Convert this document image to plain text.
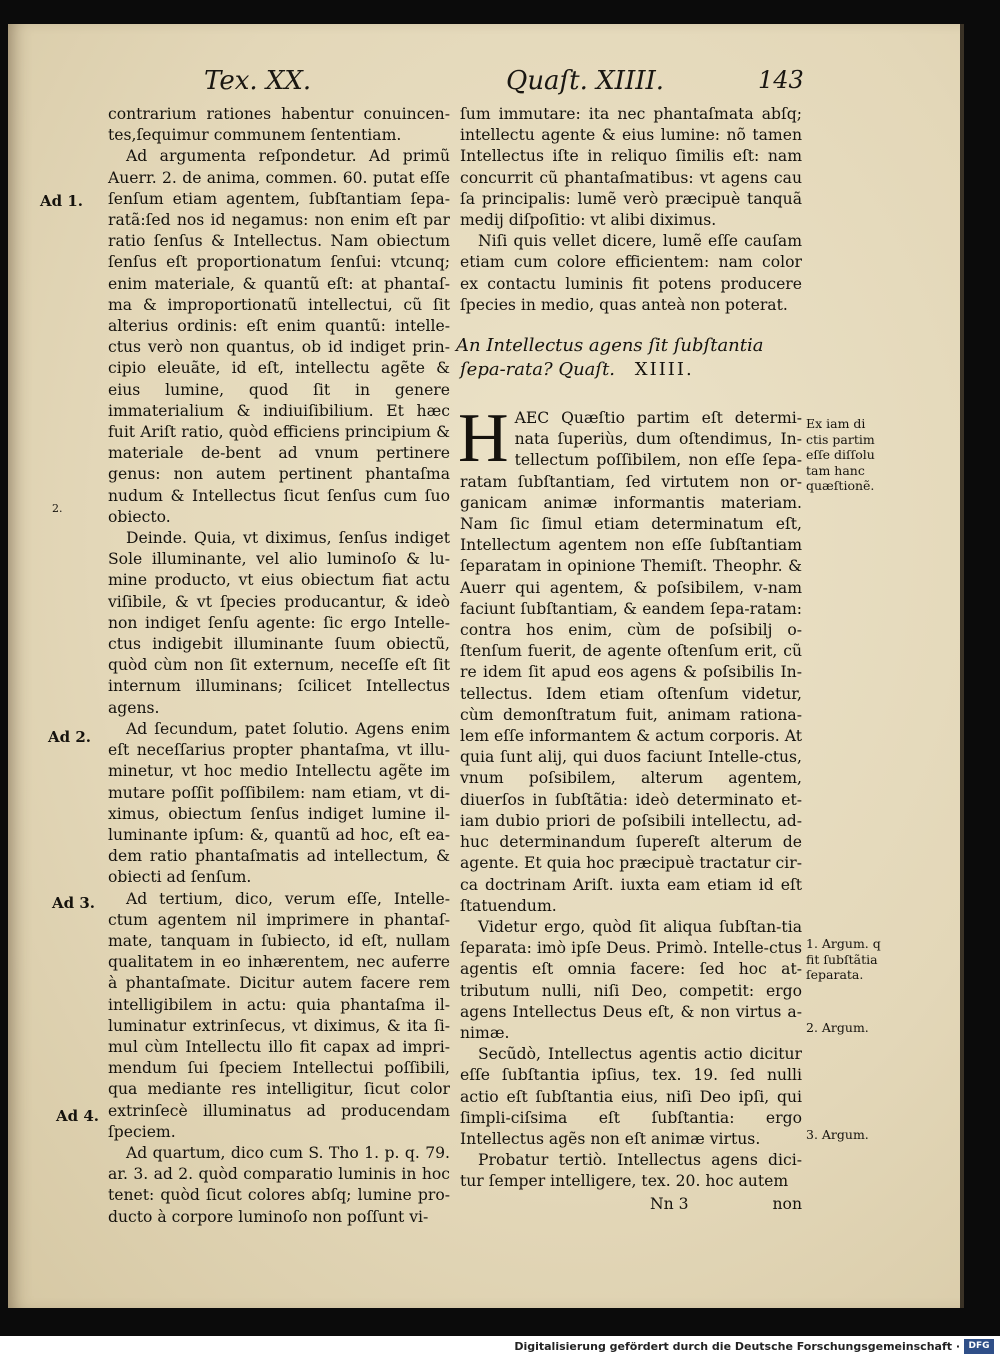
Tex. XX.	Quaſt. XIIII.	143
Ad 1.
2.
Ad 2.
Ad 3.
Ad 4.

contrarium rationes habentur conuincen-tes,ſequimur communem ſententiam.

Ad argumenta reſpondetur. Ad primũ Auerr. 2. de anima, commen. 60. putat eſſe ſenſum etiam agentem, ſubſtantiam ſepa-ratã:ſed nos id negamus: non enim eſt par ratio ſenſus & Intellectus. Nam obiectum ſenſus eſt proportionatum ſenſui: vtcunq; enim materiale, & quantũ eſt: at phantaſ-ma & improportionatũ intellectui, cũ ſit alterius ordinis: eſt enim quantũ: intelle-ctus verò non quantus, ob id indiget prin-cipio eleuãte, id eſt, intellectu agẽte & eius lumine, quod ſit in genere immaterialium & indiuiſibilium. Et hæc fuit Ariſt ratio, quòd efficiens principium & materiale de-bent ad vnum pertinere genus: non autem pertinent phantaſma nudum & Intellectus ſicut ſenſus cum ſuo obiecto.

Deinde. Quia, vt diximus, ſenſus indiget Sole illuminante, vel alio luminoſo & lu-mine producto, vt eius obiectum fiat actu viſibile, & vt ſpecies producantur, & ideò non indiget ſenſu agente: ſic ergo Intelle-ctus indigebit illuminante ſuum obiectũ, quòd cùm non ſit externum, neceſſe eſt ſit internum illuminans; ſcilicet Intellectus agens.

Ad ſecundum, patet ſolutio. Agens enim eſt neceſſarius propter phantaſma, vt illu-minetur, vt hoc medio Intellectu agẽte im mutare poſſit poſſibilem: nam etiam, vt di-ximus, obiectum ſenſus indiget lumine il-luminante ipſum: &, quantũ ad hoc, eſt ea-dem ratio phantaſmatis ad intellectum, & obiecti ad ſenſum.

Ad tertium, dico, verum eſſe, Intelle-ctum agentem nil imprimere in phantaſ-mate, tanquam in ſubiecto, id eſt, nullam qualitatem in eo inhærentem, nec auferre à phantaſmate. Dicitur autem facere rem intelligibilem in actu: quia phantaſma il-luminatur extrinſecus, vt diximus, & ita ſi-mul cùm Intellectu illo fit capax ad impri-mendum ſui ſpeciem Intellectui poſſibili, qua mediante res intelligitur, ſicut color extrinſecè illuminatus ad producendam ſpeciem.

Ad quartum, dico cum S. Tho 1. p. q. 79. ar. 3. ad 2. quòd comparatio luminis in hoc tenet: quòd ſicut colores abſq; lumine pro-ducto à corpore luminoſo non poſſunt vi-

ſum immutare: ita nec phantaſmata abſq; intellectu agente & eius lumine: nõ tamen Intellectus iſte in reliquo ſimilis eſt: nam concurrit cũ phantaſmatibus: vt agens cau ſa principalis: lumẽ verò præcipuè tanquã medij diſpoſitio: vt alibi diximus.

Niſi quis vellet dicere, lumẽ eſſe cauſam etiam cum colore efficientem: nam color ex contactu luminis fit potens producere ſpecies in medio, quas anteà non poterat.

An Intellectus agens ſit ſubſtantia ſepa-rata? Quaſt. XIIII.
H AEC Quæſtio partim eſt determi-nata ſuperiùs, dum oſtendimus, In-tellectum poſſibilem, non eſſe ſepa-ratam ſubſtantiam, ſed virtutem non or-ganicam animæ informantis materiam. Nam ſic ſimul etiam determinatum eſt, Intellectum agentem non eſſe ſubſtantiam ſeparatam in opinione Themiſt. Theophr. & Auerr qui agentem, & poſsibilem, v-nam faciunt ſubſtantiam, & eandem ſepa-ratam: contra hos enim, cùm de poſsibilj o-ſtenſum fuerit, de agente oſtenſum erit, cũ re idem ſit apud eos agens & poſsibilis In-tellectus. Idem etiam oſtenſum videtur, cùm demonſtratum fuit, animam rationa-lem eſſe informantem & actum corporis. At quia ſunt alij, qui duos faciunt Intelle-ctus, vnum poſsibilem, alterum agentem, diuerſos in ſubſtãtia: ideò determinato et-iam dubio priori de poſsibili intellectu, ad-huc determinandum ſupereſt alterum de agente. Et quia hoc præcipuè tractatur cir-ca doctrinam Ariſt. iuxta eam etiam id eſt ſtatuendum.

Videtur ergo, quòd ſit aliqua ſubſtan-tia ſeparata: imò ipſe Deus. Primò. Intelle-ctus agentis eſt omnia facere: ſed hoc at-tributum nulli, niſi Deo, competit: ergo agens Intellectus Deus eſt, & non virtus a-nimæ.

Secũdò, Intellectus agentis actio dicitur eſſe ſubſtantia ipſius, tex. 19. ſed nulli actio eſt ſubſtantia eius, niſi Deo ipſi, qui ſimpli-ciſsima eſt ſubſtantia: ergo Intellectus agẽs non eſt animæ virtus.

Probatur tertiò. Intellectus agens dici-tur ſemper intelligere, tex. 20. hoc autem

Nn 3	non
Ex iam di ctis partim eſſe diſſolu tam hanc quæſtionẽ.
1. Argum. q fit ſubſtãtia ſeparata.
2. Argum.
3. Argum.
Digitalisierung gefördert durch die Deutsche Forschungsgemeinschaft · DFG
